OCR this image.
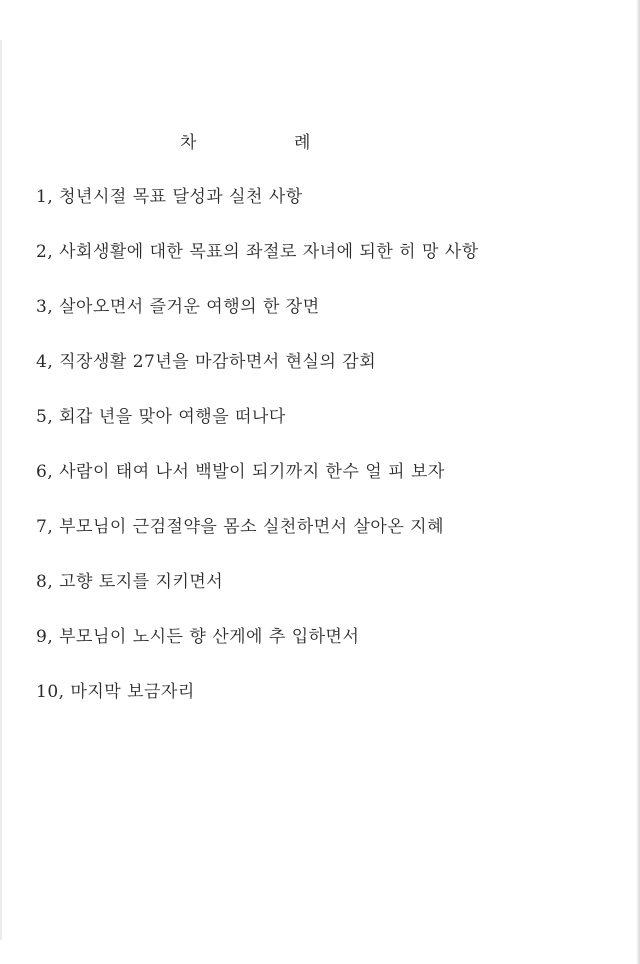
차	례
1, 청년시절 목표 달성과 실천 사항
2, 사회생활에 대한 목표의 좌절로 자녀에 되한 히 망 사항
3, 살아오면서 즐거운 여행의 한 장면
4, 직장생활 27년을 마감하면서 현실의 감회
5, 회갑 년을 맞아 여행을 떠나다
6, 사람이 태여 나서 백발이 되기까지 한수 얼 피 보자
7, 부모님이 근검절약을 몸소 실천하면서 살아온 지혜
8, 고향 토지를 지키면서
9, 부모님이 노시든 향 산게에 추 입하면서
10, 마지막 보금자리
